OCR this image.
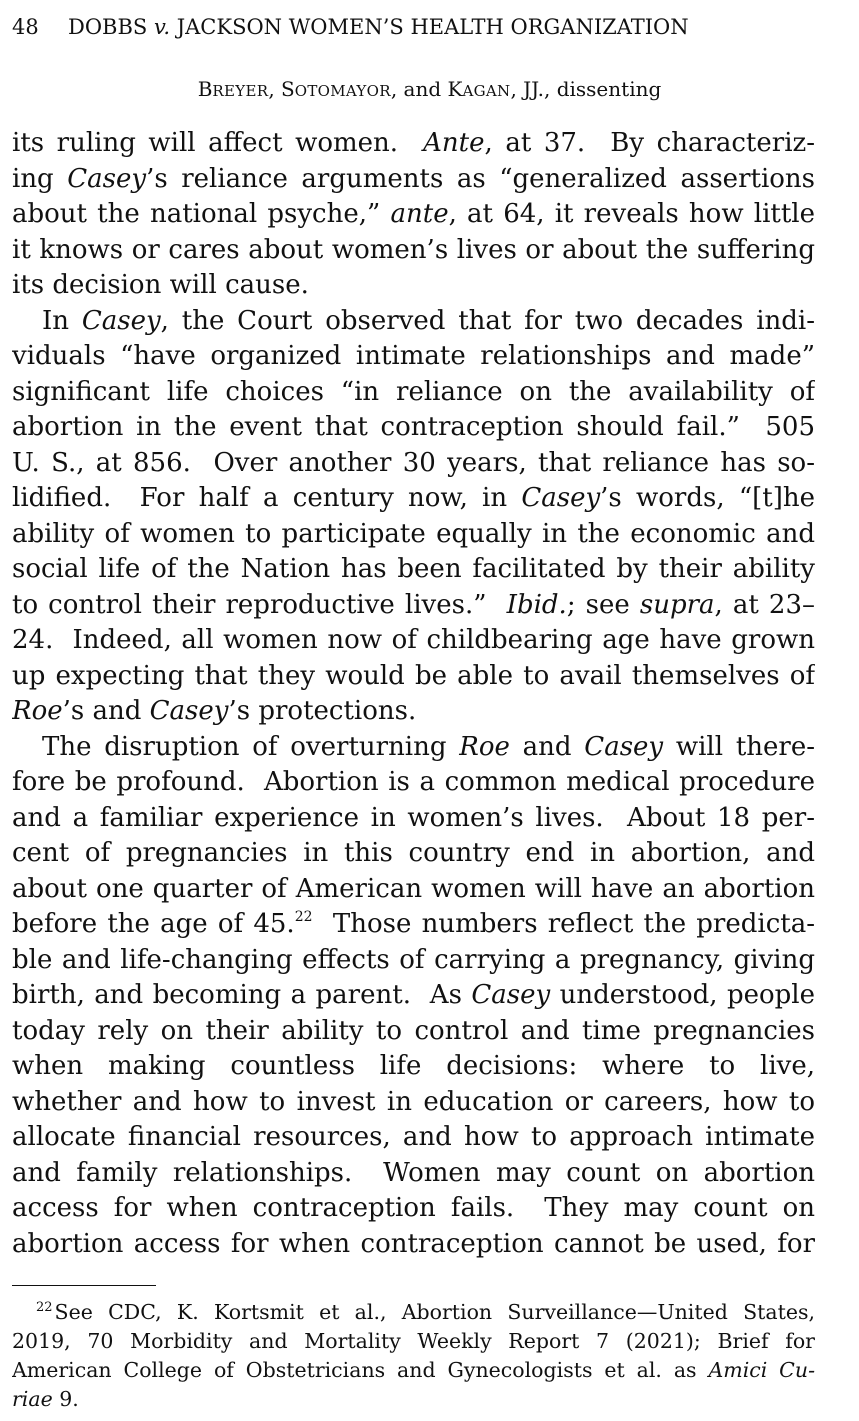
48 DOBBS v. JACKSON WOMEN’S HEALTH ORGANIZATION
BREYER, SOTOMAYOR, and KAGAN, JJ., dissenting
its ruling will affect women.  Ante, at 37.  By characteriz-
ing Casey’s reliance arguments as “generalized assertions
about the national psyche,” ante, at 64, it reveals how little
it knows or cares about women’s lives or about the suffering
its decision will cause.
In Casey, the Court observed that for two decades indi-
viduals “have organized intimate relationships and made”
significant life choices “in reliance on the availability of
abortion in the event that contraception should fail.”  505
U. S., at 856.  Over another 30 years, that reliance has so-
lidified.  For half a century now, in Casey’s words, “[t]he
ability of women to participate equally in the economic and
social life of the Nation has been facilitated by their ability
to control their reproductive lives.”  Ibid.; see supra, at 23–
24.  Indeed, all women now of childbearing age have grown
up expecting that they would be able to avail themselves of
Roe’s and Casey’s protections.
The disruption of overturning Roe and Casey will there-
fore be profound.  Abortion is a common medical procedure
and a familiar experience in women’s lives.  About 18 per-
cent of pregnancies in this country end in abortion, and
about one quarter of American women will have an abortion
before the age of 45.22  Those numbers reflect the predicta-
ble and life-changing effects of carrying a pregnancy, giving
birth, and becoming a parent.  As Casey understood, people
today rely on their ability to control and time pregnancies
when making countless life decisions: where to live,
whether and how to invest in education or careers, how to
allocate financial resources, and how to approach intimate
and family relationships.  Women may count on abortion
access for when contraception fails.  They may count on
abortion access for when contraception cannot be used, for
$^{22}$See CDC, K. Kortsmit et al., Abortion Surveillance—United States,
2019, 70 Morbidity and Mortality Weekly Report 7 (2021); Brief for
American College of Obstetricians and Gynecologists et al. as Amici Cu-
riae 9.
